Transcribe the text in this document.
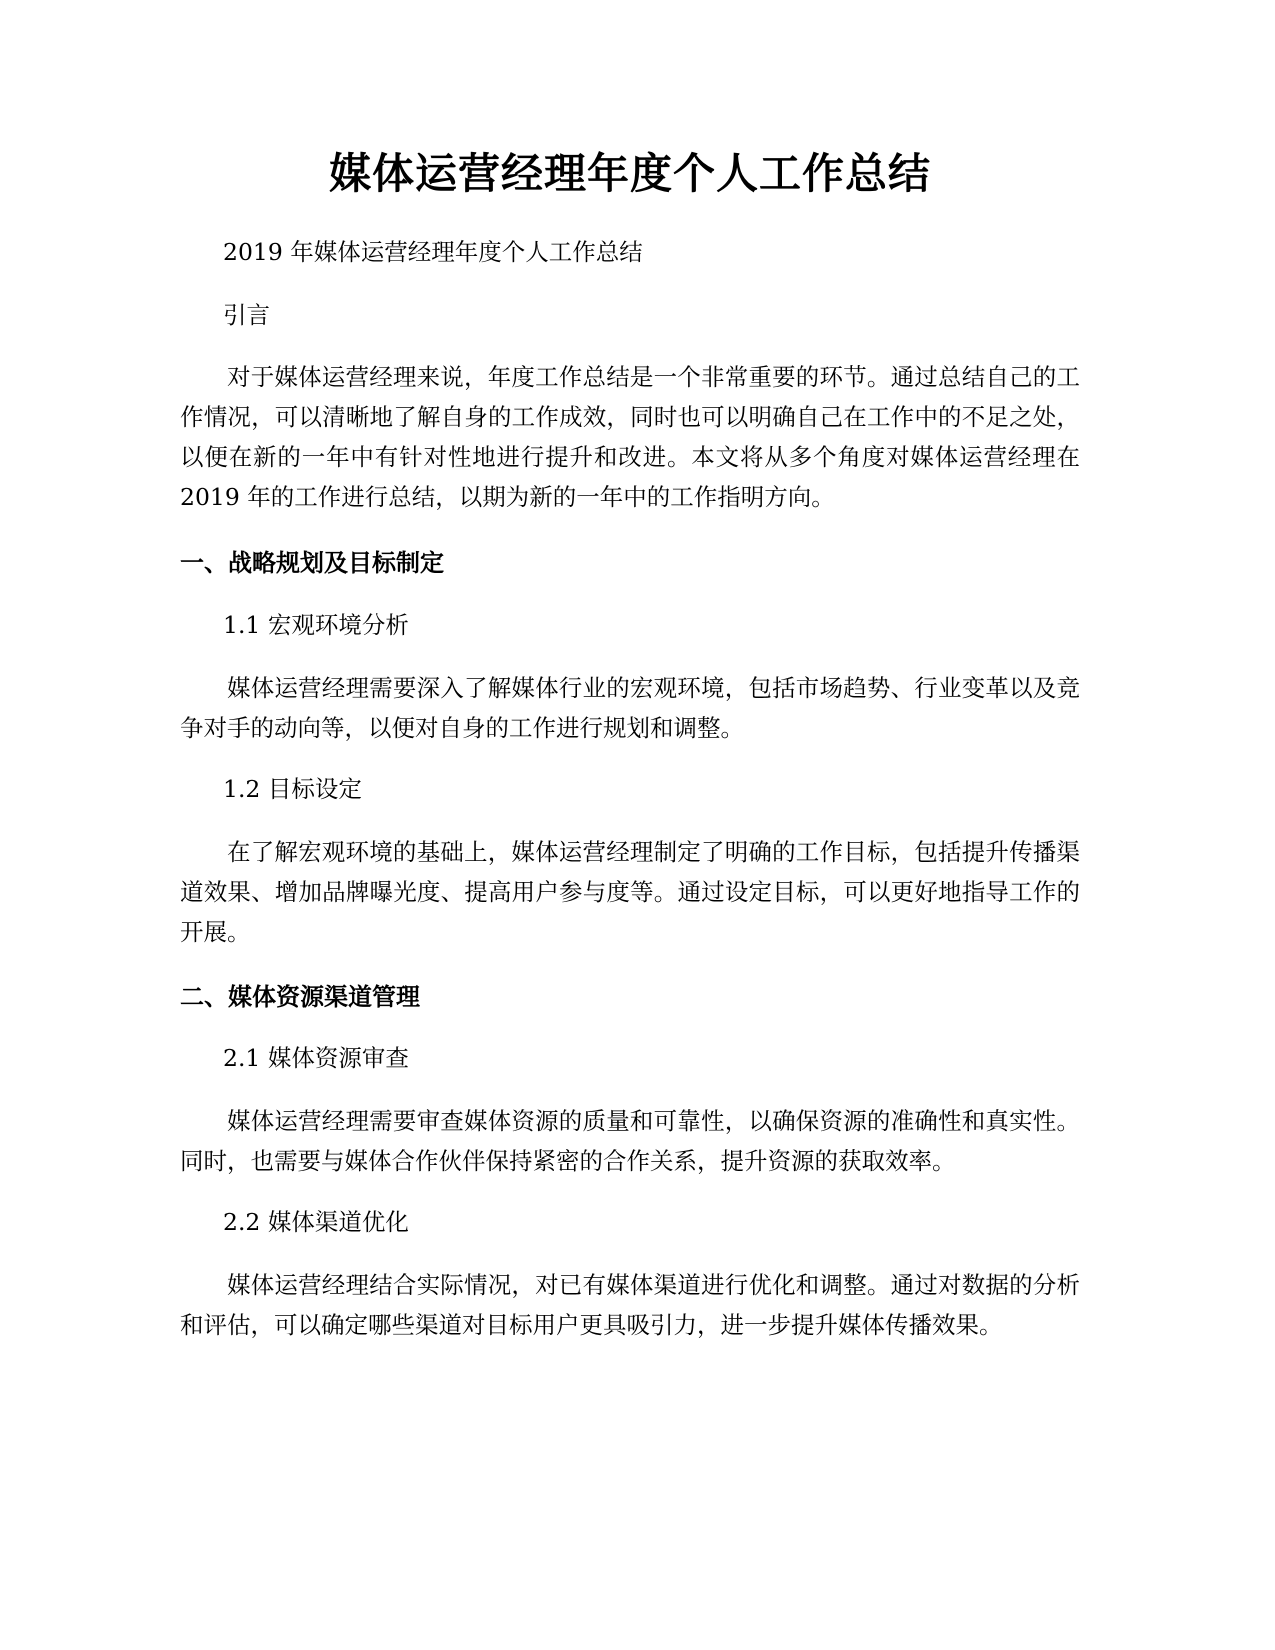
媒体运营经理年度个人工作总结

2019 年媒体运营经理年度个人工作总结

引言

对于媒体运营经理来说，年度工作总结是一个非常重要的环节。通过总结自己的工作情况，可以清晰地了解自身的工作成效，同时也可以明确自己在工作中的不足之处，以便在新的一年中有针对性地进行提升和改进。本文将从多个角度对媒体运营经理在 2019 年的工作进行总结，以期为新的一年中的工作指明方向。

一、战略规划及目标制定

1.1 宏观环境分析

媒体运营经理需要深入了解媒体行业的宏观环境，包括市场趋势、行业变革以及竞争对手的动向等，以便对自身的工作进行规划和调整。

1.2 目标设定

在了解宏观环境的基础上，媒体运营经理制定了明确的工作目标，包括提升传播渠道效果、增加品牌曝光度、提高用户参与度等。通过设定目标，可以更好地指导工作的开展。

二、媒体资源渠道管理

2.1 媒体资源审查

媒体运营经理需要审查媒体资源的质量和可靠性，以确保资源的准确性和真实性。同时，也需要与媒体合作伙伴保持紧密的合作关系，提升资源的获取效率。

2.2 媒体渠道优化

媒体运营经理结合实际情况，对已有媒体渠道进行优化和调整。通过对数据的分析和评估，可以确定哪些渠道对目标用户更具吸引力，进一步提升媒体传播效果。
